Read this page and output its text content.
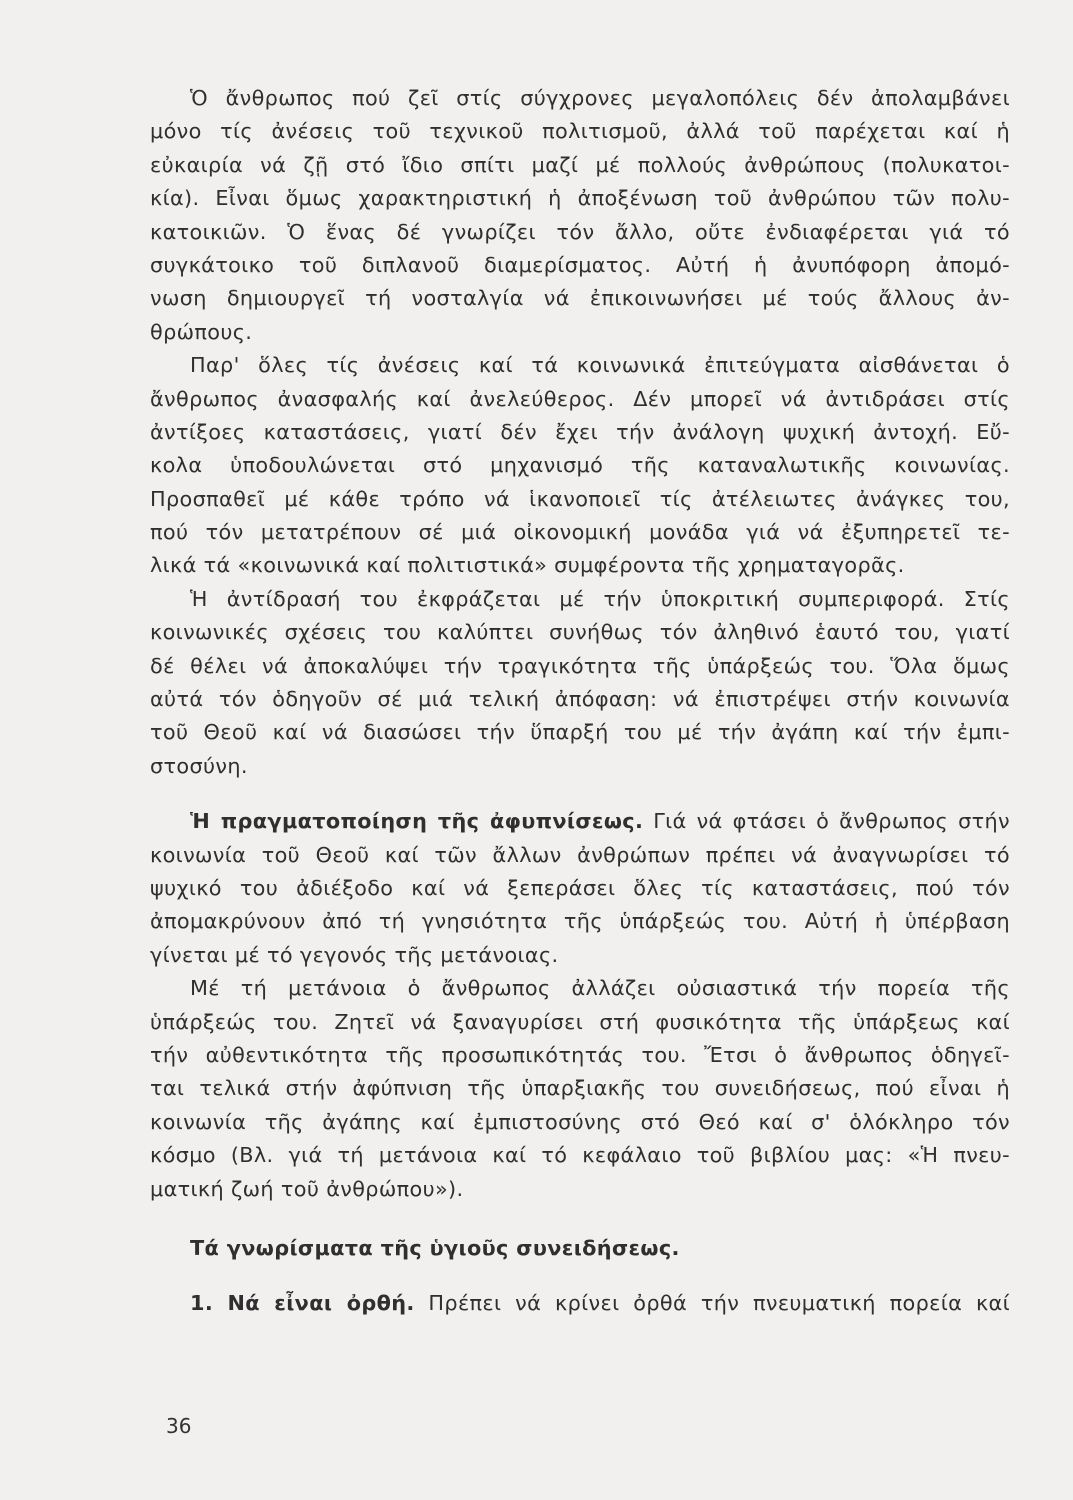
Ὁ ἄνθρωπος πού ζεῖ στίς σύγχρονες μεγαλοπόλεις δέν ἀπολαμβάνει
μόνο τίς ἀνέσεις τοῦ τεχνικοῦ πολιτισμοῦ, ἀλλά τοῦ παρέχεται καί ἡ
εὐκαιρία νά ζῇ στό ἴδιο σπίτι μαζί μέ πολλούς ἀνθρώπους (πολυκατοι-
κία). Εἶναι ὅμως χαρακτηριστική ἡ ἀποξένωση τοῦ ἀνθρώπου τῶν πολυ-
κατοικιῶν. Ὁ ἕνας δέ γνωρίζει τόν ἄλλο, οὔτε ἐνδιαφέρεται γιά τό
συγκάτοικο τοῦ διπλανοῦ διαμερίσματος. Αὐτή ἡ ἀνυπόφορη ἀπομό-
νωση δημιουργεῖ τή νοσταλγία νά ἐπικοινωνήσει μέ τούς ἄλλους ἀν-
θρώπους.
Παρ' ὅλες τίς ἀνέσεις καί τά κοινωνικά ἐπιτεύγματα αἰσθάνεται ὁ
ἄνθρωπος ἀνασφαλής καί ἀνελεύθερος. Δέν μπορεῖ νά ἀντιδράσει στίς
ἀντίξοες καταστάσεις, γιατί δέν ἔχει τήν ἀνάλογη ψυχική ἀντοχή. Εὔ-
κολα ὑποδουλώνεται στό μηχανισμό τῆς καταναλωτικῆς κοινωνίας.
Προσπαθεῖ μέ κάθε τρόπο νά ἱκανοποιεῖ τίς ἀτέλειωτες ἀνάγκες του,
πού τόν μετατρέπουν σέ μιά οἰκονομική μονάδα γιά νά ἐξυπηρετεῖ τε-
λικά τά «κοινωνικά καί πολιτιστικά» συμφέροντα τῆς χρηματαγορᾶς.
Ἡ ἀντίδρασή του ἐκφράζεται μέ τήν ὑποκριτική συμπεριφορά. Στίς
κοινωνικές σχέσεις του καλύπτει συνήθως τόν ἀληθινό ἑαυτό του, γιατί
δέ θέλει νά ἀποκαλύψει τήν τραγικότητα τῆς ὑπάρξεώς του. Ὅλα ὅμως
αὐτά τόν ὁδηγοῦν σέ μιά τελική ἀπόφαση: νά ἐπιστρέψει στήν κοινωνία
τοῦ Θεοῦ καί νά διασώσει τήν ὕπαρξή του μέ τήν ἀγάπη καί τήν ἐμπι-
στοσύνη.
Ἡ πραγματοποίηση τῆς ἀφυπνίσεως. Γιά νά φτάσει ὁ ἄνθρωπος στήν
κοινωνία τοῦ Θεοῦ καί τῶν ἄλλων ἀνθρώπων πρέπει νά ἀναγνωρίσει τό
ψυχικό του ἀδιέξοδο καί νά ξεπεράσει ὅλες τίς καταστάσεις, πού τόν
ἀπομακρύνουν ἀπό τή γνησιότητα τῆς ὑπάρξεώς του. Αὐτή ἡ ὑπέρβαση
γίνεται μέ τό γεγονός τῆς μετάνοιας.
Μέ τή μετάνοια ὁ ἄνθρωπος ἀλλάζει οὐσιαστικά τήν πορεία τῆς
ὑπάρξεώς του. Ζητεῖ νά ξαναγυρίσει στή φυσικότητα τῆς ὑπάρξεως καί
τήν αὐθεντικότητα τῆς προσωπικότητάς του. Ἔτσι ὁ ἄνθρωπος ὁδηγεῖ-
ται τελικά στήν ἀφύπνιση τῆς ὑπαρξιακῆς του συνειδήσεως, πού εἶναι ἡ
κοινωνία τῆς ἀγάπης καί ἐμπιστοσύνης στό Θεό καί σ' ὁλόκληρο τόν
κόσμο (Βλ. γιά τή μετάνοια καί τό κεφάλαιο τοῦ βιβλίου μας: «Ἡ πνευ-
ματική ζωή τοῦ ἀνθρώπου»).
Τά γνωρίσματα τῆς ὑγιοῦς συνειδήσεως.
1. Νά εἶναι ὀρθή. Πρέπει νά κρίνει ὀρθά τήν πνευματική πορεία καί
36
